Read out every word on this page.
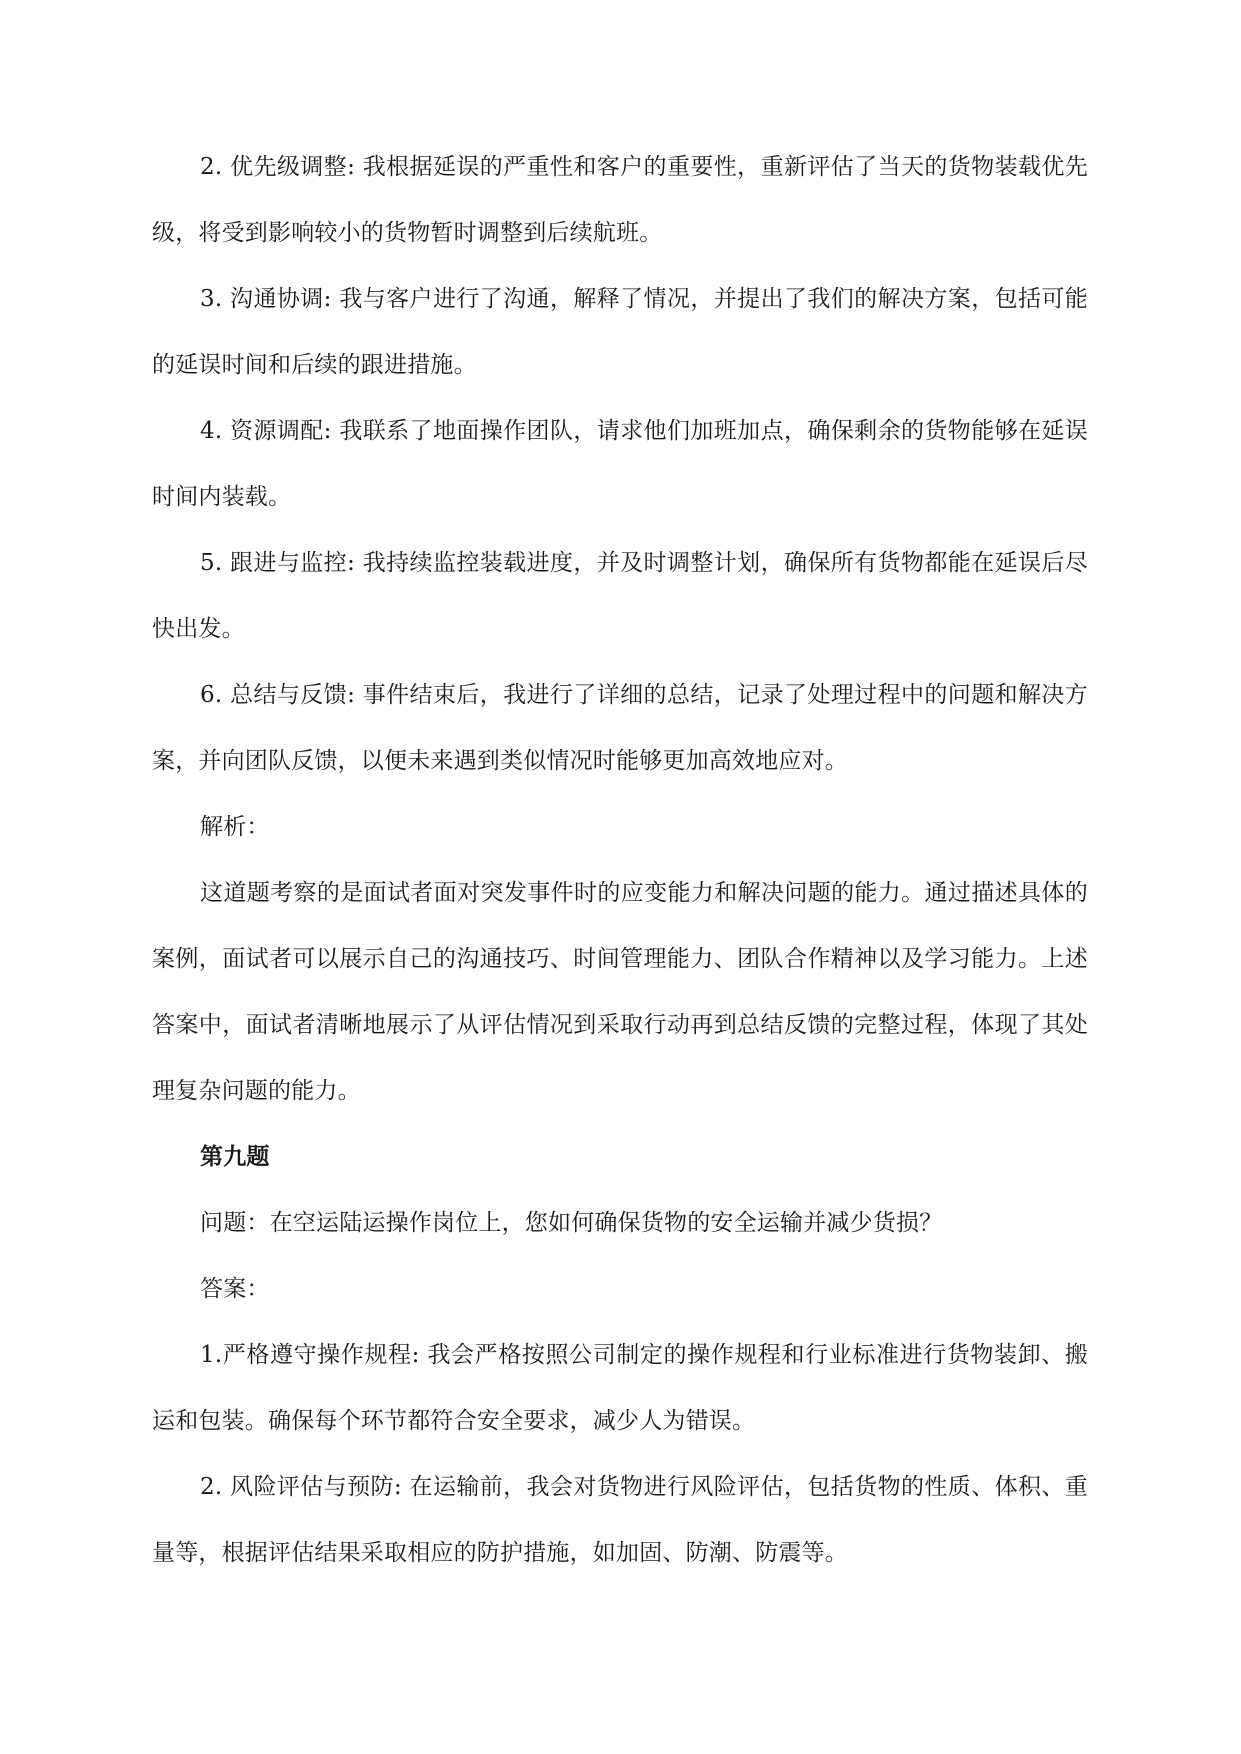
2. 优先级调整: 我根据延误的严重性和客户的重要性，重新评估了当天的货物装载优先级，将受到影响较小的货物暂时调整到后续航班。

3. 沟通协调: 我与客户进行了沟通，解释了情况，并提出了我们的解决方案，包括可能的延误时间和后续的跟进措施。

4. 资源调配: 我联系了地面操作团队，请求他们加班加点，确保剩余的货物能够在延误时间内装载。

5. 跟进与监控: 我持续监控装载进度，并及时调整计划，确保所有货物都能在延误后尽快出发。

6. 总结与反馈: 事件结束后，我进行了详细的总结，记录了处理过程中的问题和解决方案，并向团队反馈，以便未来遇到类似情况时能够更加高效地应对。

解析：

这道题考察的是面试者面对突发事件时的应变能力和解决问题的能力。通过描述具体的案例，面试者可以展示自己的沟通技巧、时间管理能力、团队合作精神以及学习能力。上述答案中，面试者清晰地展示了从评估情况到采取行动再到总结反馈的完整过程，体现了其处理复杂问题的能力。

第九题

问题：在空运陆运操作岗位上，您如何确保货物的安全运输并减少货损？

答案：

1.严格遵守操作规程: 我会严格按照公司制定的操作规程和行业标准进行货物装卸、搬运和包装。确保每个环节都符合安全要求，减少人为错误。

2. 风险评估与预防: 在运输前，我会对货物进行风险评估，包括货物的性质、体积、重量等，根据评估结果采取相应的防护措施，如加固、防潮、防震等。
